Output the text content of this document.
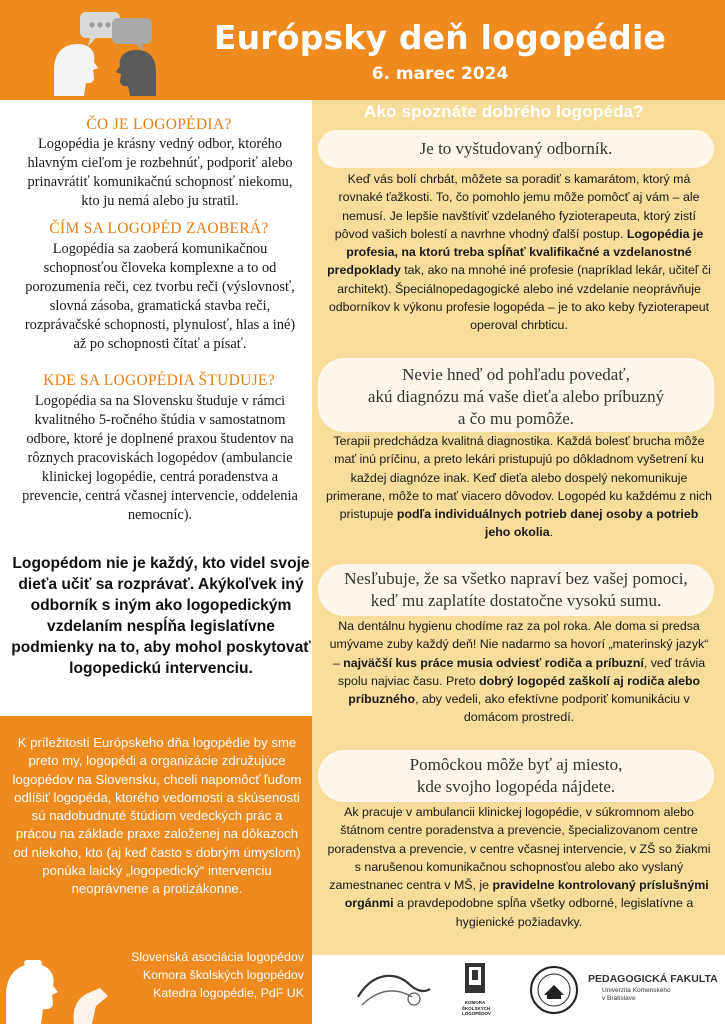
Európsky deň logopédie
6. marec 2024
ČO JE LOGOPÉDIA?
Logopédia je krásny vedný odbor, ktorého hlavným cieľom je rozbehnúť, podporiť alebo prinavrátiť komunikačnú schopnosť niekomu, kto ju nemá alebo ju stratil.
ČÍM SA LOGOPÉD ZAOBERÁ?
Logopédia sa zaoberá komunikačnou schopnosťou človeka komplexne a to od porozumenia reči, cez tvorbu reči (výslovnosť, slovná zásoba, gramatická stavba reči, rozprávačské schopnosti, plynulosť, hlas a iné) až po schopnosti čítať a písať.
KDE SA LOGOPÉDIA ŠTUDUJE?
Logopédia sa na Slovensku študuje v rámci kvalitného 5-ročného štúdia v samostatnom odbore, ktoré je doplnené praxou študentov na rôznych pracoviskách logopédov (ambulancie klinickej logopédie, centrá poradenstva a prevencie, centrá včasnej intervencie, oddelenia nemocníc).
Logopédom nie je každý, kto videl svoje dieťa učiť sa rozprávať. Akýkoľvek iný odborník s iným ako logopedickým vzdelaním nespĺňa legislatívne podmienky na to, aby mohol poskytovať logopedickú intervenciu.
K príležitosti Európskeho dňa logopédie by sme preto my, logopédi a organizácie združujúce logopédov na Slovensku, chceli napomôcť ľuďom odlíšiť logopéda, ktorého vedomosti a skúsenosti sú nadobudnuté štúdiom vedeckých prác a prácou na základe praxe založenej na dôkazoch od niekoho, kto (aj keď často s dobrým úmyslom) ponúka laický „logopedický“ intervenciu neoprávnene a protizákonne.
Slovenská asociácia logopédov
Komora školských logopédov
Katedra logopédie, PdF UK
Ako spoznáte dobrého logopéda?
Je to vyštudovaný odborník.
Keď vás bolí chrbát, môžete sa poradiť s kamarátom, ktorý má rovnaké ťažkosti. To, čo pomohlo jemu môže pomôcť aj vám – ale nemusí. Je lepšie navštíviť vzdelaného fyzioterapeuta, ktorý zistí pôvod vašich bolestí a navrhne vhodný ďalší postup. Logopédia je profesia, na ktorú treba spĺňať kvalifikačné a vzdelanostné predpoklady tak, ako na mnohé iné profesie (napríklad lekár, učiteľ či architekt). Špeciálnopedagogické alebo iné vzdelanie neoprávňuje odborníkov k výkonu profesie logopéda – je to ako keby fyzioterapeut operoval chrbticu.
Nevie hneď od pohľadu povedať,
akú diagnózu má vaše dieťa alebo príbuzný
a čo mu pomôže.
Terapii predchádza kvalitná diagnostika. Každá bolesť brucha môže mať inú príčinu, a preto lekári pristupujú po dôkladnom vyšetrení ku každej diagnóze inak. Keď dieťa alebo dospelý nekomunikuje primerane, môže to mať viacero dôvodov. Logopéd ku každému z nich pristupuje podľa individuálnych potrieb danej osoby a potrieb jeho okolia.
Nesľubuje, že sa všetko napraví bez vašej pomoci,
keď mu zaplatíte dostatočne vysokú sumu.
Na dentálnu hygienu chodíme raz za pol roka. Ale doma si predsa umývame zuby každý deň! Nie nadarmo sa hovorí „materinský jazyk“ – najväčší kus práce musia odviesť rodiča a príbuzní, veď trávia spolu najviac času. Preto dobrý logopéd zaškolí aj rodiča alebo príbuzného, aby vedeli, ako efektívne podporiť komunikáciu v domácom prostredí.
Pomôckou môže byť aj miesto,
kde svojho logopéda nájdete.
Ak pracuje v ambulancii klinickej logopédie, v súkromnom alebo štátnom centre poradenstva a prevencie, špecializovanom centre poradenstva a prevencie, v centre včasnej intervencie, v ZŠ so žiakmi s narušenou komunikačnou schopnosťou alebo ako vyslaný zamestnanec centra v MŠ, je pravidelne kontrolovaný príslušnými orgánmi a pravdepodobne spĺňa všetky odborné, legislatívne a hygienické požiadavky.
KOMORA
ŠKOLSKÝCH
LOGOPÉDOV
PEDAGOGICKÁ FAKULTA
Univerzita Komenského
v Bratislave
